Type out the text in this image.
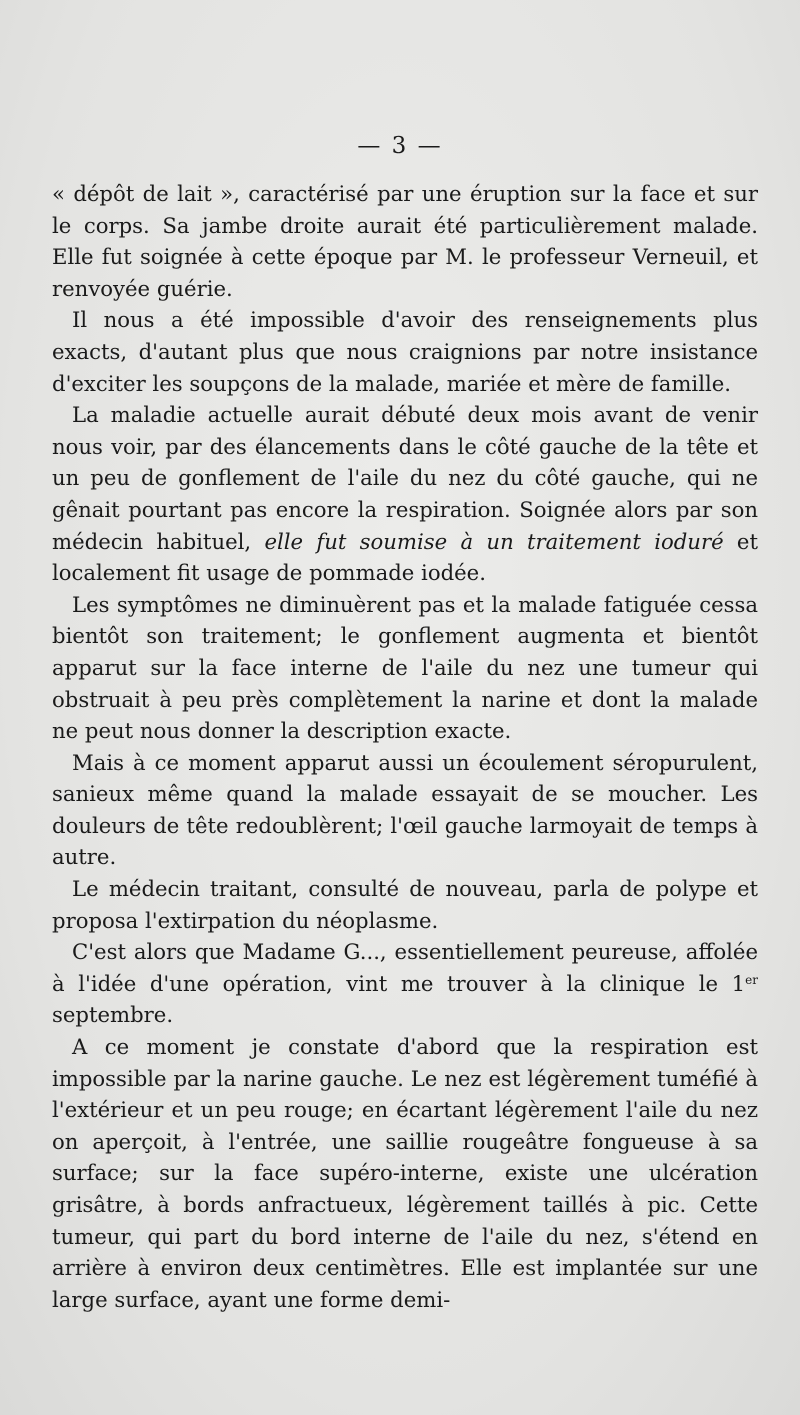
— 3 —

« dépôt de lait », caractérisé par une éruption sur la face et sur le corps. Sa jambe droite aurait été particulièrement malade. Elle fut soignée à cette époque par M. le professeur Verneuil, et renvoyée guérie.

Il nous a été impossible d'avoir des renseignements plus exacts, d'autant plus que nous craignions par notre insistance d'exciter les soupçons de la malade, mariée et mère de famille.

La maladie actuelle aurait débuté deux mois avant de venir nous voir, par des élancements dans le côté gauche de la tête et un peu de gonflement de l'aile du nez du côté gauche, qui ne gênait pourtant pas encore la respiration. Soignée alors par son médecin habituel, elle fut soumise à un traitement ioduré et localement fit usage de pommade iodée.

Les symptômes ne diminuèrent pas et la malade fatiguée cessa bientôt son traitement; le gonflement augmenta et bientôt apparut sur la face interne de l'aile du nez une tumeur qui obstruait à peu près complètement la narine et dont la malade ne peut nous donner la description exacte.

Mais à ce moment apparut aussi un écoulement séropurulent, sanieux même quand la malade essayait de se moucher. Les douleurs de tête redoublèrent; l'œil gauche larmoyait de temps à autre.

Le médecin traitant, consulté de nouveau, parla de polype et proposa l'extirpation du néoplasme.

C'est alors que Madame G..., essentiellement peureuse, affolée à l'idée d'une opération, vint me trouver à la clinique le 1er septembre.

A ce moment je constate d'abord que la respiration est impossible par la narine gauche. Le nez est légèrement tuméfié à l'extérieur et un peu rouge; en écartant légèrement l'aile du nez on aperçoit, à l'entrée, une saillie rougeâtre fongueuse à sa surface; sur la face supéro-interne, existe une ulcération grisâtre, à bords anfractueux, légèrement taillés à pic. Cette tumeur, qui part du bord interne de l'aile du nez, s'étend en arrière à environ deux centimètres. Elle est implantée sur une large surface, ayant une forme demi-
